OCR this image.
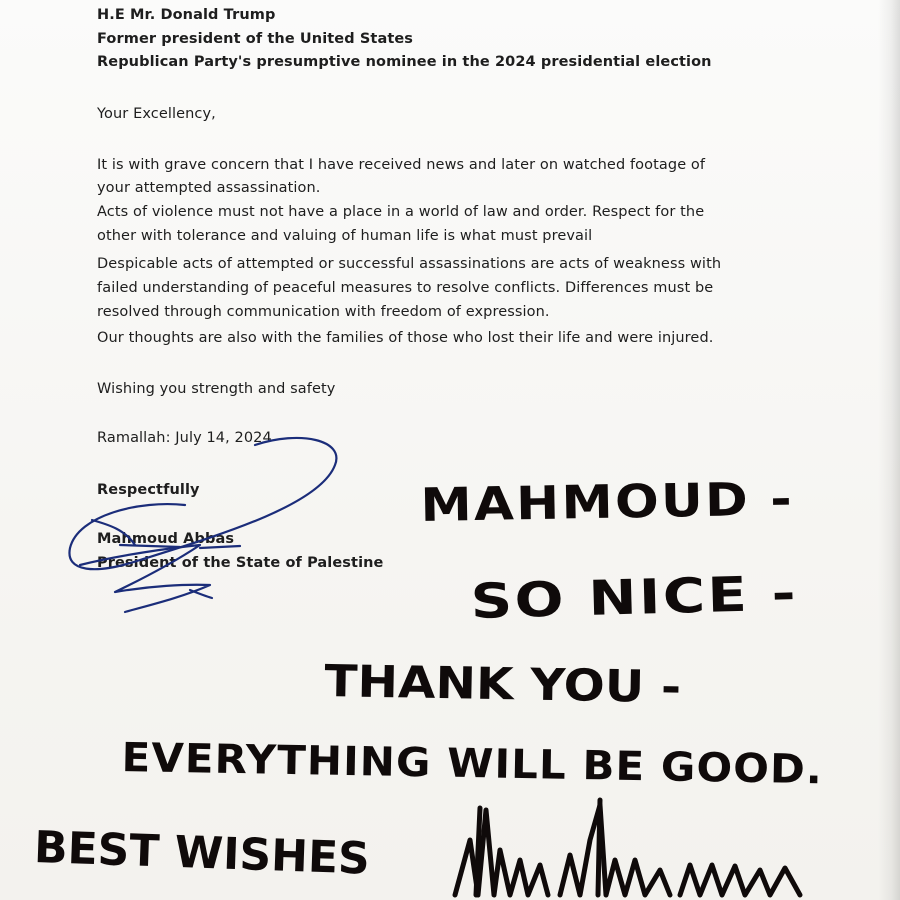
H.E Mr. Donald Trump
Former president of the United States
Republican Party's presumptive nominee in the 2024 presidential election
Your Excellency,
It is with grave concern that I have received news and later on watched footage of
your attempted assassination.
Acts of violence must not have a place in a world of law and order. Respect for the
other with tolerance and valuing of human life is what must prevail
Despicable acts of attempted or successful assassinations are acts of weakness with
failed understanding of peaceful measures to resolve conflicts. Differences must be
resolved through communication with freedom of expression.
Our thoughts are also with the families of those who lost their life and were injured.
Wishing you strength and safety
Ramallah: July 14, 2024
Respectfully
Mahmoud Abbas
President of the State of Palestine
MAHMOUD -
SO NICE -
THANK YOU -
EVERYTHING WILL BE GOOD.
BEST WISHES
